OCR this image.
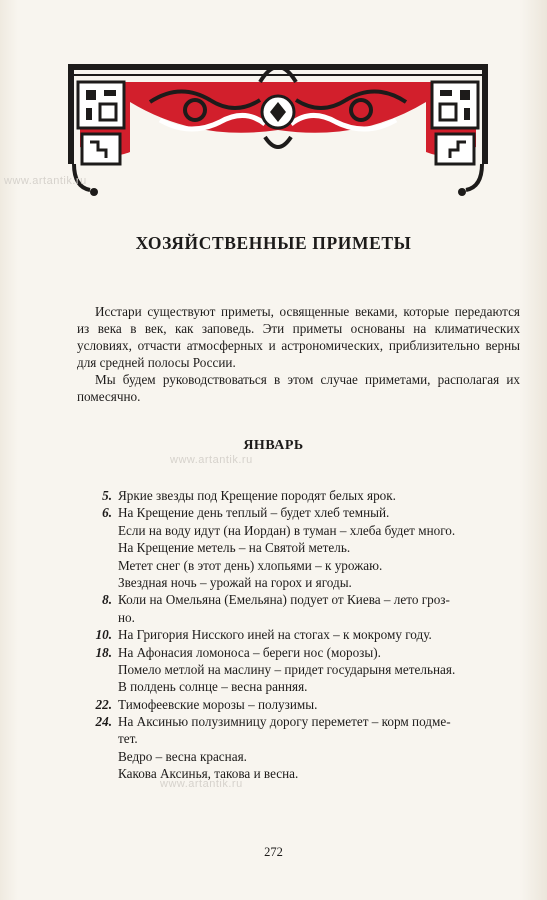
www.artantik.ru
www.artantik.ru
www.artantik.ru
ХОЗЯЙСТВЕННЫЕ ПРИМЕТЫ

Исстари существуют приметы, освященные веками, которые передаются из века в век, как заповедь. Эти приметы основаны на климатических условиях, отчасти атмосферных и астрономических, приблизительно верны для средней полосы России.

Мы будем руководствоваться в этом случае приметами, располагая их помесячно.

ЯНВАРЬ
5. Яркие звезды под Крещение породят белых ярок.
6. На Крещение день теплый – будет хлеб темный.
Если на воду идут (на Иордан) в туман – хлеба будет много.
На Крещение метель – на Святой метель.
Метет снег (в этот день) хлопьями – к урожаю.
Звездная ночь – урожай на горох и ягоды.
8. Коли на Омельяна (Емельяна) подует от Киева – лето гроз-
но.
10. На Григория Нисского иней на стогах – к мокрому году.
18. На Афонасия ломоноса – береги нос (морозы).
Помело метлой на маслину – придет государыня метельная.
В полдень солнце – весна ранняя.
22. Тимофеевские морозы – полузимы.
24. На Аксинью полузимницу дорогу переметет – корм подме-
тет.
Ведро – весна красная.
Какова Аксинья, такова и весна.
272
